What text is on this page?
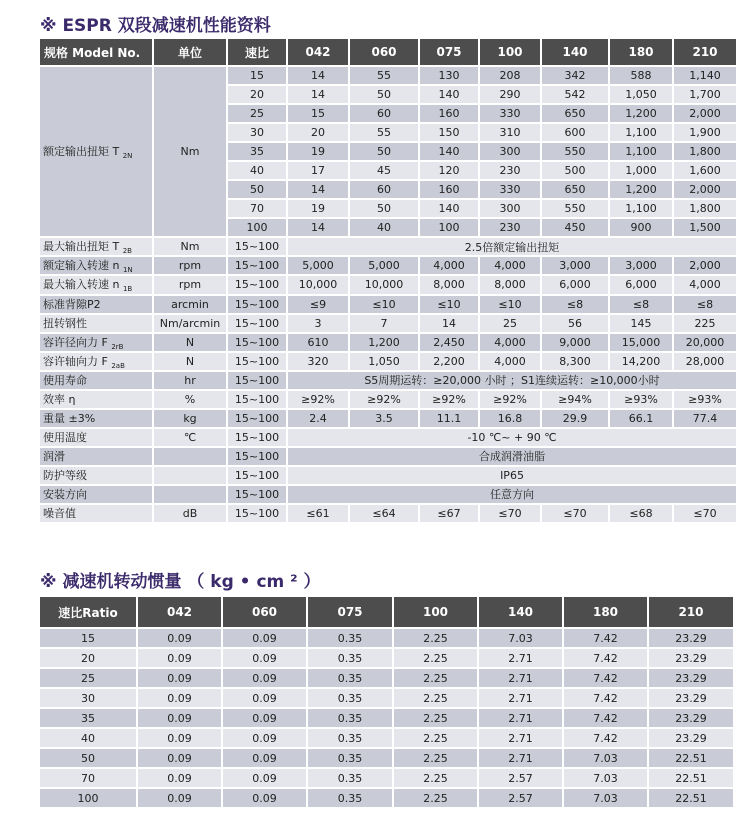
※ ESPR 双段减速机性能资料
规格 Model No.	单位	速比	042	060	075	100	140	180	210
额定输出扭矩 T $_{2N}$	Nm	15	14	55	130	208	342	588	1,140
		20	14	50	140	290	542	1,050	1,700
		25	15	60	160	330	650	1,200	2,000
		30	20	55	150	310	600	1,100	1,900
		35	19	50	140	300	550	1,100	1,800
		40	17	45	120	230	500	1,000	1,600
		50	14	60	160	330	650	1,200	2,000
		70	19	50	140	300	550	1,100	1,800
		100	14	40	100	230	450	900	1,500
最大输出扭矩 T $_{2B}$	Nm	15~100	2.5倍额定输出扭矩						
额定输入转速 n $_{1N}$	rpm	15~100	5,000	5,000	4,000	4,000	3,000	3,000	2,000
最大输入转速 n $_{1B}$	rpm	15~100	10,000	10,000	8,000	8,000	6,000	6,000	4,000
标准背隙P2	arcmin	15~100	≤9	≤10	≤10	≤10	≤8	≤8	≤8
扭转钢性	Nm/arcmin	15~100	3	7	14	25	56	145	225
容许径向力 F $_{2rB}$	N	15~100	610	1,200	2,450	4,000	9,000	15,000	20,000
容许轴向力 F $_{2aB}$	N	15~100	320	1,050	2,200	4,000	8,300	14,200	28,000
使用寿命	hr	15~100	S5周期运转：≥20,000 小时 ；S1连续运转：≥10,000小时						
效率 η	%	15~100	≥92%	≥92%	≥92%	≥92%	≥94%	≥93%	≥93%
重量 ±3%	kg	15~100	2.4	3.5	11.1	16.8	29.9	66.1	77.4
使用温度	℃	15~100	-10 ℃~ + 90 ℃						
润滑		15~100	合成润滑油脂						
防护等级		15~100	IP65						
安装方向		15~100	任意方向						
噪音值	dB	15~100	≤61	≤64	≤67	≤70	≤70	≤68	≤70
※ 减速机转动惯量 （ kg • cm ² ）
速比Ratio	042	060	075	100	140	180	210
15	0.09	0.09	0.35	2.25	7.03	7.42	23.29
20	0.09	0.09	0.35	2.25	2.71	7.42	23.29
25	0.09	0.09	0.35	2.25	2.71	7.42	23.29
30	0.09	0.09	0.35	2.25	2.71	7.42	23.29
35	0.09	0.09	0.35	2.25	2.71	7.42	23.29
40	0.09	0.09	0.35	2.25	2.71	7.42	23.29
50	0.09	0.09	0.35	2.25	2.71	7.03	22.51
70	0.09	0.09	0.35	2.25	2.57	7.03	22.51
100	0.09	0.09	0.35	2.25	2.57	7.03	22.51
